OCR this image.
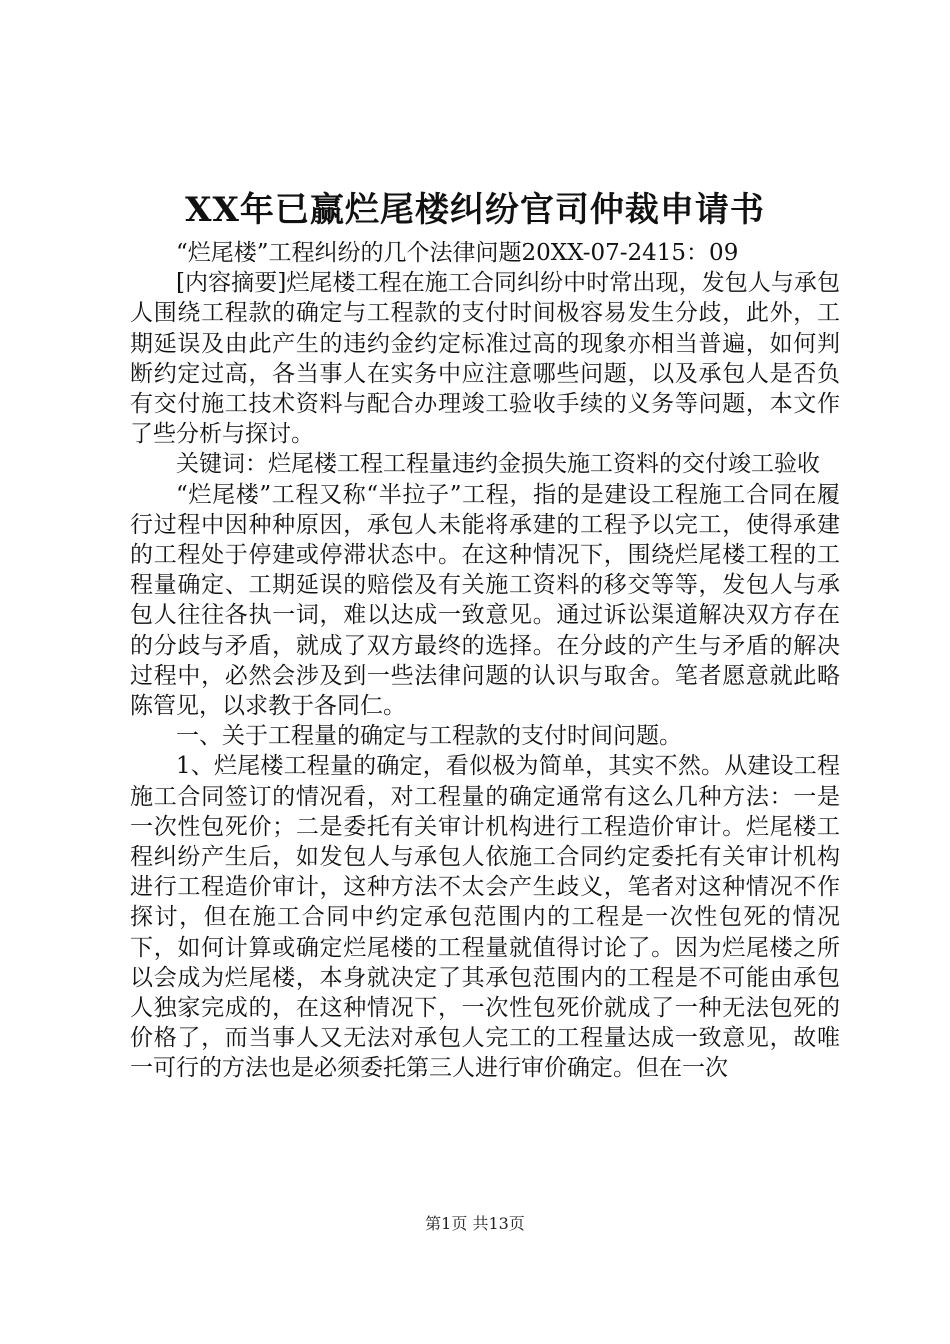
XX年已赢烂尾楼纠纷官司仲裁申请书

“烂尾楼”工程纠纷的几个法律问题20XX-07-2415：09

[内容摘要]烂尾楼工程在施工合同纠纷中时常出现，发包人与承包人围绕工程款的确定与工程款的支付时间极容易发生分歧，此外，工期延误及由此产生的违约金约定标准过高的现象亦相当普遍，如何判断约定过高，各当事人在实务中应注意哪些问题，以及承包人是否负有交付施工技术资料与配合办理竣工验收手续的义务等问题，本文作了些分析与探讨。

关键词：烂尾楼工程工程量违约金损失施工资料的交付竣工验收

“烂尾楼”工程又称“半拉子”工程，指的是建设工程施工合同在履行过程中因种种原因，承包人未能将承建的工程予以完工，使得承建的工程处于停建或停滞状态中。在这种情况下，围绕烂尾楼工程的工程量确定、工期延误的赔偿及有关施工资料的移交等等，发包人与承包人往往各执一词，难以达成一致意见。通过诉讼渠道解决双方存在的分歧与矛盾，就成了双方最终的选择。在分歧的产生与矛盾的解决过程中，必然会涉及到一些法律问题的认识与取舍。笔者愿意就此略陈管见，以求教于各同仁。

一、关于工程量的确定与工程款的支付时间问题。

1、烂尾楼工程量的确定，看似极为简单，其实不然。从建设工程施工合同签订的情况看，对工程量的确定通常有这么几种方法：一是一次性包死价；二是委托有关审计机构进行工程造价审计。烂尾楼工程纠纷产生后，如发包人与承包人依施工合同约定委托有关审计机构进行工程造价审计，这种方法不太会产生歧义，笔者对这种情况不作探讨，但在施工合同中约定承包范围内的工程是一次性包死的情况下，如何计算或确定烂尾楼的工程量就值得讨论了。因为烂尾楼之所以会成为烂尾楼，本身就决定了其承包范围内的工程是不可能由承包人独家完成的，在这种情况下，一次性包死价就成了一种无法包死的价格了，而当事人又无法对承包人完工的工程量达成一致意见，故唯一可行的方法也是必须委托第三人进行审价确定。但在一次

第1页 共13页
